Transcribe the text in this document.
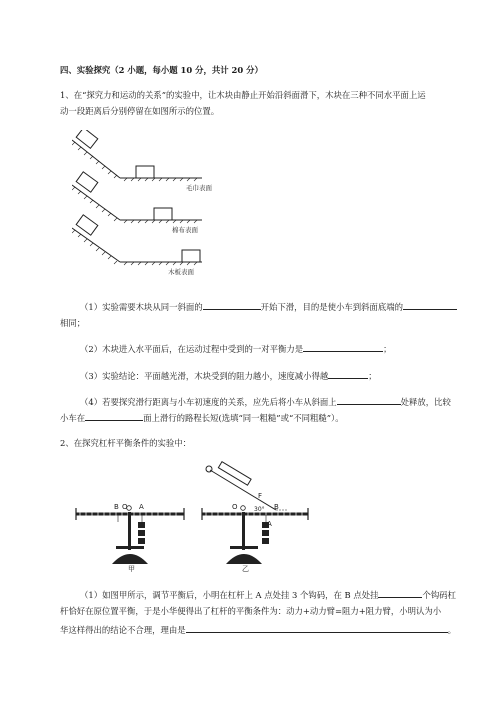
四、实验探究（2 小题，每小题 10 分，共计 20 分）
1、在“探究力和运动的关系”的实验中，让木块由静止开始沿斜面滑下，木块在三种不同水平面上运
动一段距离后分别停留在如图所示的位置。
毛巾表面
棉布表面
木板表面
（1）实验需要木块从同一斜面的	开始下滑，目的是使小车到斜面底端的
相同；
（2）木块进入水平面后，在运动过程中受到的一对平衡力是	；
（3）实验结论：平面越光滑，木块受到的阻力越小，速度减小得越	；
（4）若要探究滑行距离与小车初速度的关系，应先后将小车从斜面上	处释放，比较
小车在	面上滑行的路程长短(选填“同一粗糙”或“不同粗糙”）。
2、在探究杠杆平衡条件的实验中：
B O A
甲
F
30°
O	B
A
乙
（1）如图甲所示，调节平衡后，小明在杠杆上 A 点处挂 3 个钩码，在 B 点处挂	个钩码杠
杆恰好在原位置平衡，于是小华便得出了杠杆的平衡条件为：动力+动力臂=阻力+阻力臂，小明认为小
华这样得出的结论不合理，理由是	。
